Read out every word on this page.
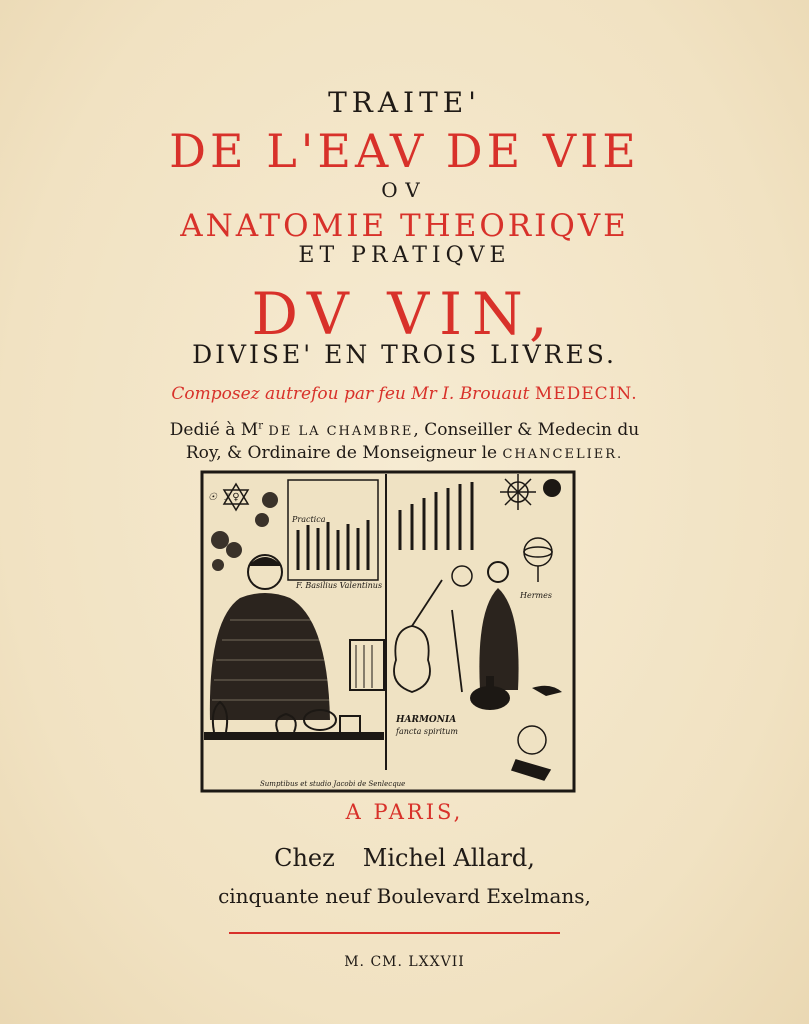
TRAITE'
DE L'EAV DE VIE
OV
ANATOMIE THEORIQVE
ET PRATIQVE
DV VIN,
DIVISE' EN TROIS LIVRES.
Composez autrefou par feu Mr I. Brouaut MEDECIN.
Dedié à $M^r$ DE LA CHAMBRE, Conseiller & Medecin du
Roy, & Ordinaire de Monseigneur le CHANCELIER.
☉ ☽ ♀
Practica
F. Basilius Valentinus
Hermes
HARMONIA
fancta spiritum
Sumptibus et studio Jacobi de Senlecque
A PARIS,
Chez Michel Allard,
cinquante neuf Boulevard Exelmans,
M. CM. LXXVII
